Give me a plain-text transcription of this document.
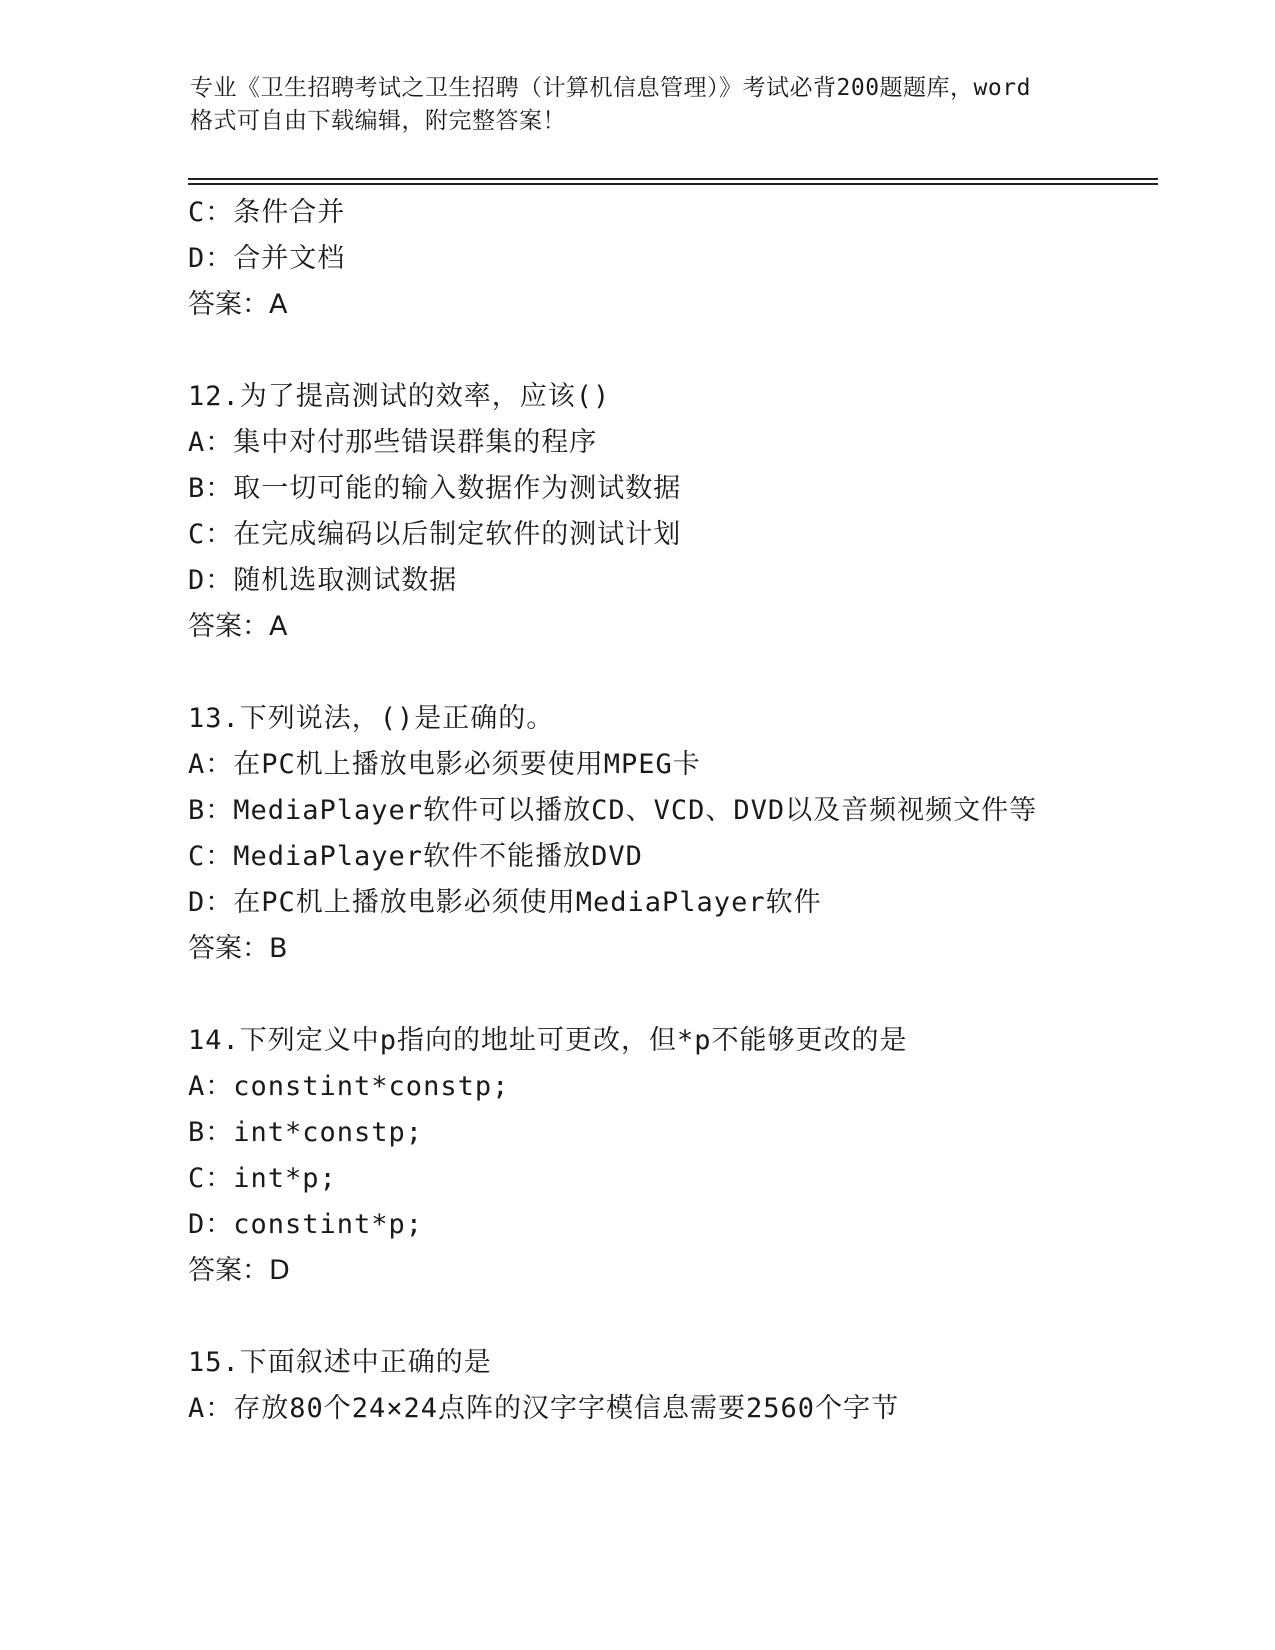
专业《卫生招聘考试之卫生招聘（计算机信息管理）》考试必背200题题库，word
格式可自由下载编辑，附完整答案！
C：条件合并
D：合并文档
答案：A
12.为了提高测试的效率，应该()
A：集中对付那些错误群集的程序
B：取一切可能的输入数据作为测试数据
C：在完成编码以后制定软件的测试计划
D：随机选取测试数据
答案：A
13.下列说法，()是正确的。
A：在PC机上播放电影必须要使用MPEG卡
B：MediaPlayer软件可以播放CD、VCD、DVD以及音频视频文件等
C：MediaPlayer软件不能播放DVD
D：在PC机上播放电影必须使用MediaPlayer软件
答案：B
14.下列定义中p指向的地址可更改，但*p不能够更改的是
A：constint*constp;
B：int*constp;
C：int*p;
D：constint*p;
答案：D
15.下面叙述中正确的是
A：存放80个24×24点阵的汉字字模信息需要2560个字节
